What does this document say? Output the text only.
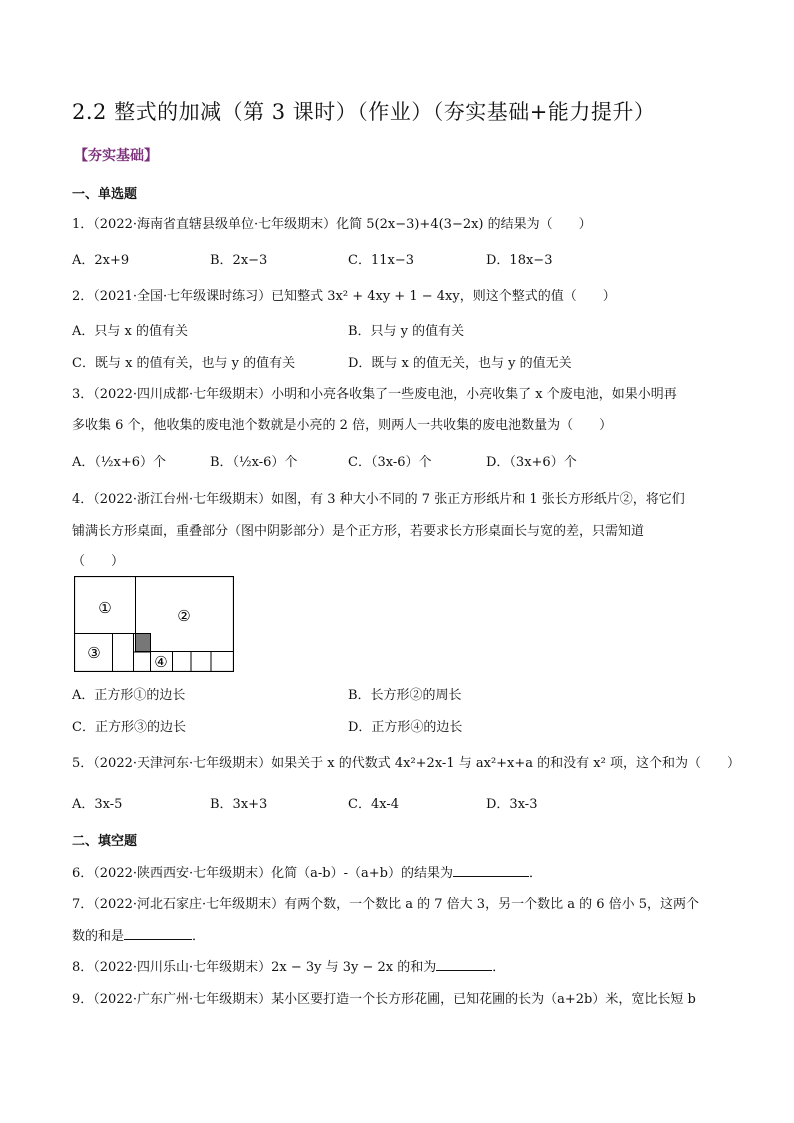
2.2 整式的加减（第 3 课时）（作业）（夯实基础+能力提升）
【夯实基础】
一、单选题
1．（2022·海南省直辖县级单位·七年级期末）化简 5(2x−3)+4(3−2x) 的结果为（　　）
A．2x+9	B．2x−3	C．11x−3	D．18x−3
2．（2021·全国·七年级课时练习）已知整式 3x² + 4xy + 1 − 4xy，则这个整式的值（　　）
A．只与 x 的值有关	B．只与 y 的值有关
C．既与 x 的值有关，也与 y 的值有关	D．既与 x 的值无关，也与 y 的值无关
3．（2022·四川成都·七年级期末）小明和小亮各收集了一些废电池，小亮收集了 x 个废电池，如果小明再
多收集 6 个，他收集的废电池个数就是小亮的 2 倍，则两人一共收集的废电池数量为（　　）
A．（½x+6）个	B．（½x-6）个	C．（3x-6）个	D．（3x+6）个
4．（2022·浙江台州·七年级期末）如图，有 3 种大小不同的 7 张正方形纸片和 1 张长方形纸片②，将它们
铺满长方形桌面，重叠部分（图中阴影部分）是个正方形，若要求长方形桌面长与宽的差，只需知道
（　　）
①	②
③	④
A．正方形①的边长	B．长方形②的周长
C．正方形③的边长	D．正方形④的边长
5．（2022·天津河东·七年级期末）如果关于 x 的代数式 4x²+2x-1 与 ax²+x+a 的和没有 x² 项，这个和为（　　）
A．3x-5	B．3x+3	C．4x-4	D．3x-3
二、填空题
6．（2022·陕西西安·七年级期末）化简（a-b）-（a+b）的结果为	．
7．（2022·河北石家庄·七年级期末）有两个数，一个数比 a 的 7 倍大 3，另一个数比 a 的 6 倍小 5，这两个
数的和是	．
8．（2022·四川乐山·七年级期末）2x − 3y 与 3y − 2x 的和为	．
9．（2022·广东广州·七年级期末）某小区要打造一个长方形花圃，已知花圃的长为（a+2b）米，宽比长短 b
